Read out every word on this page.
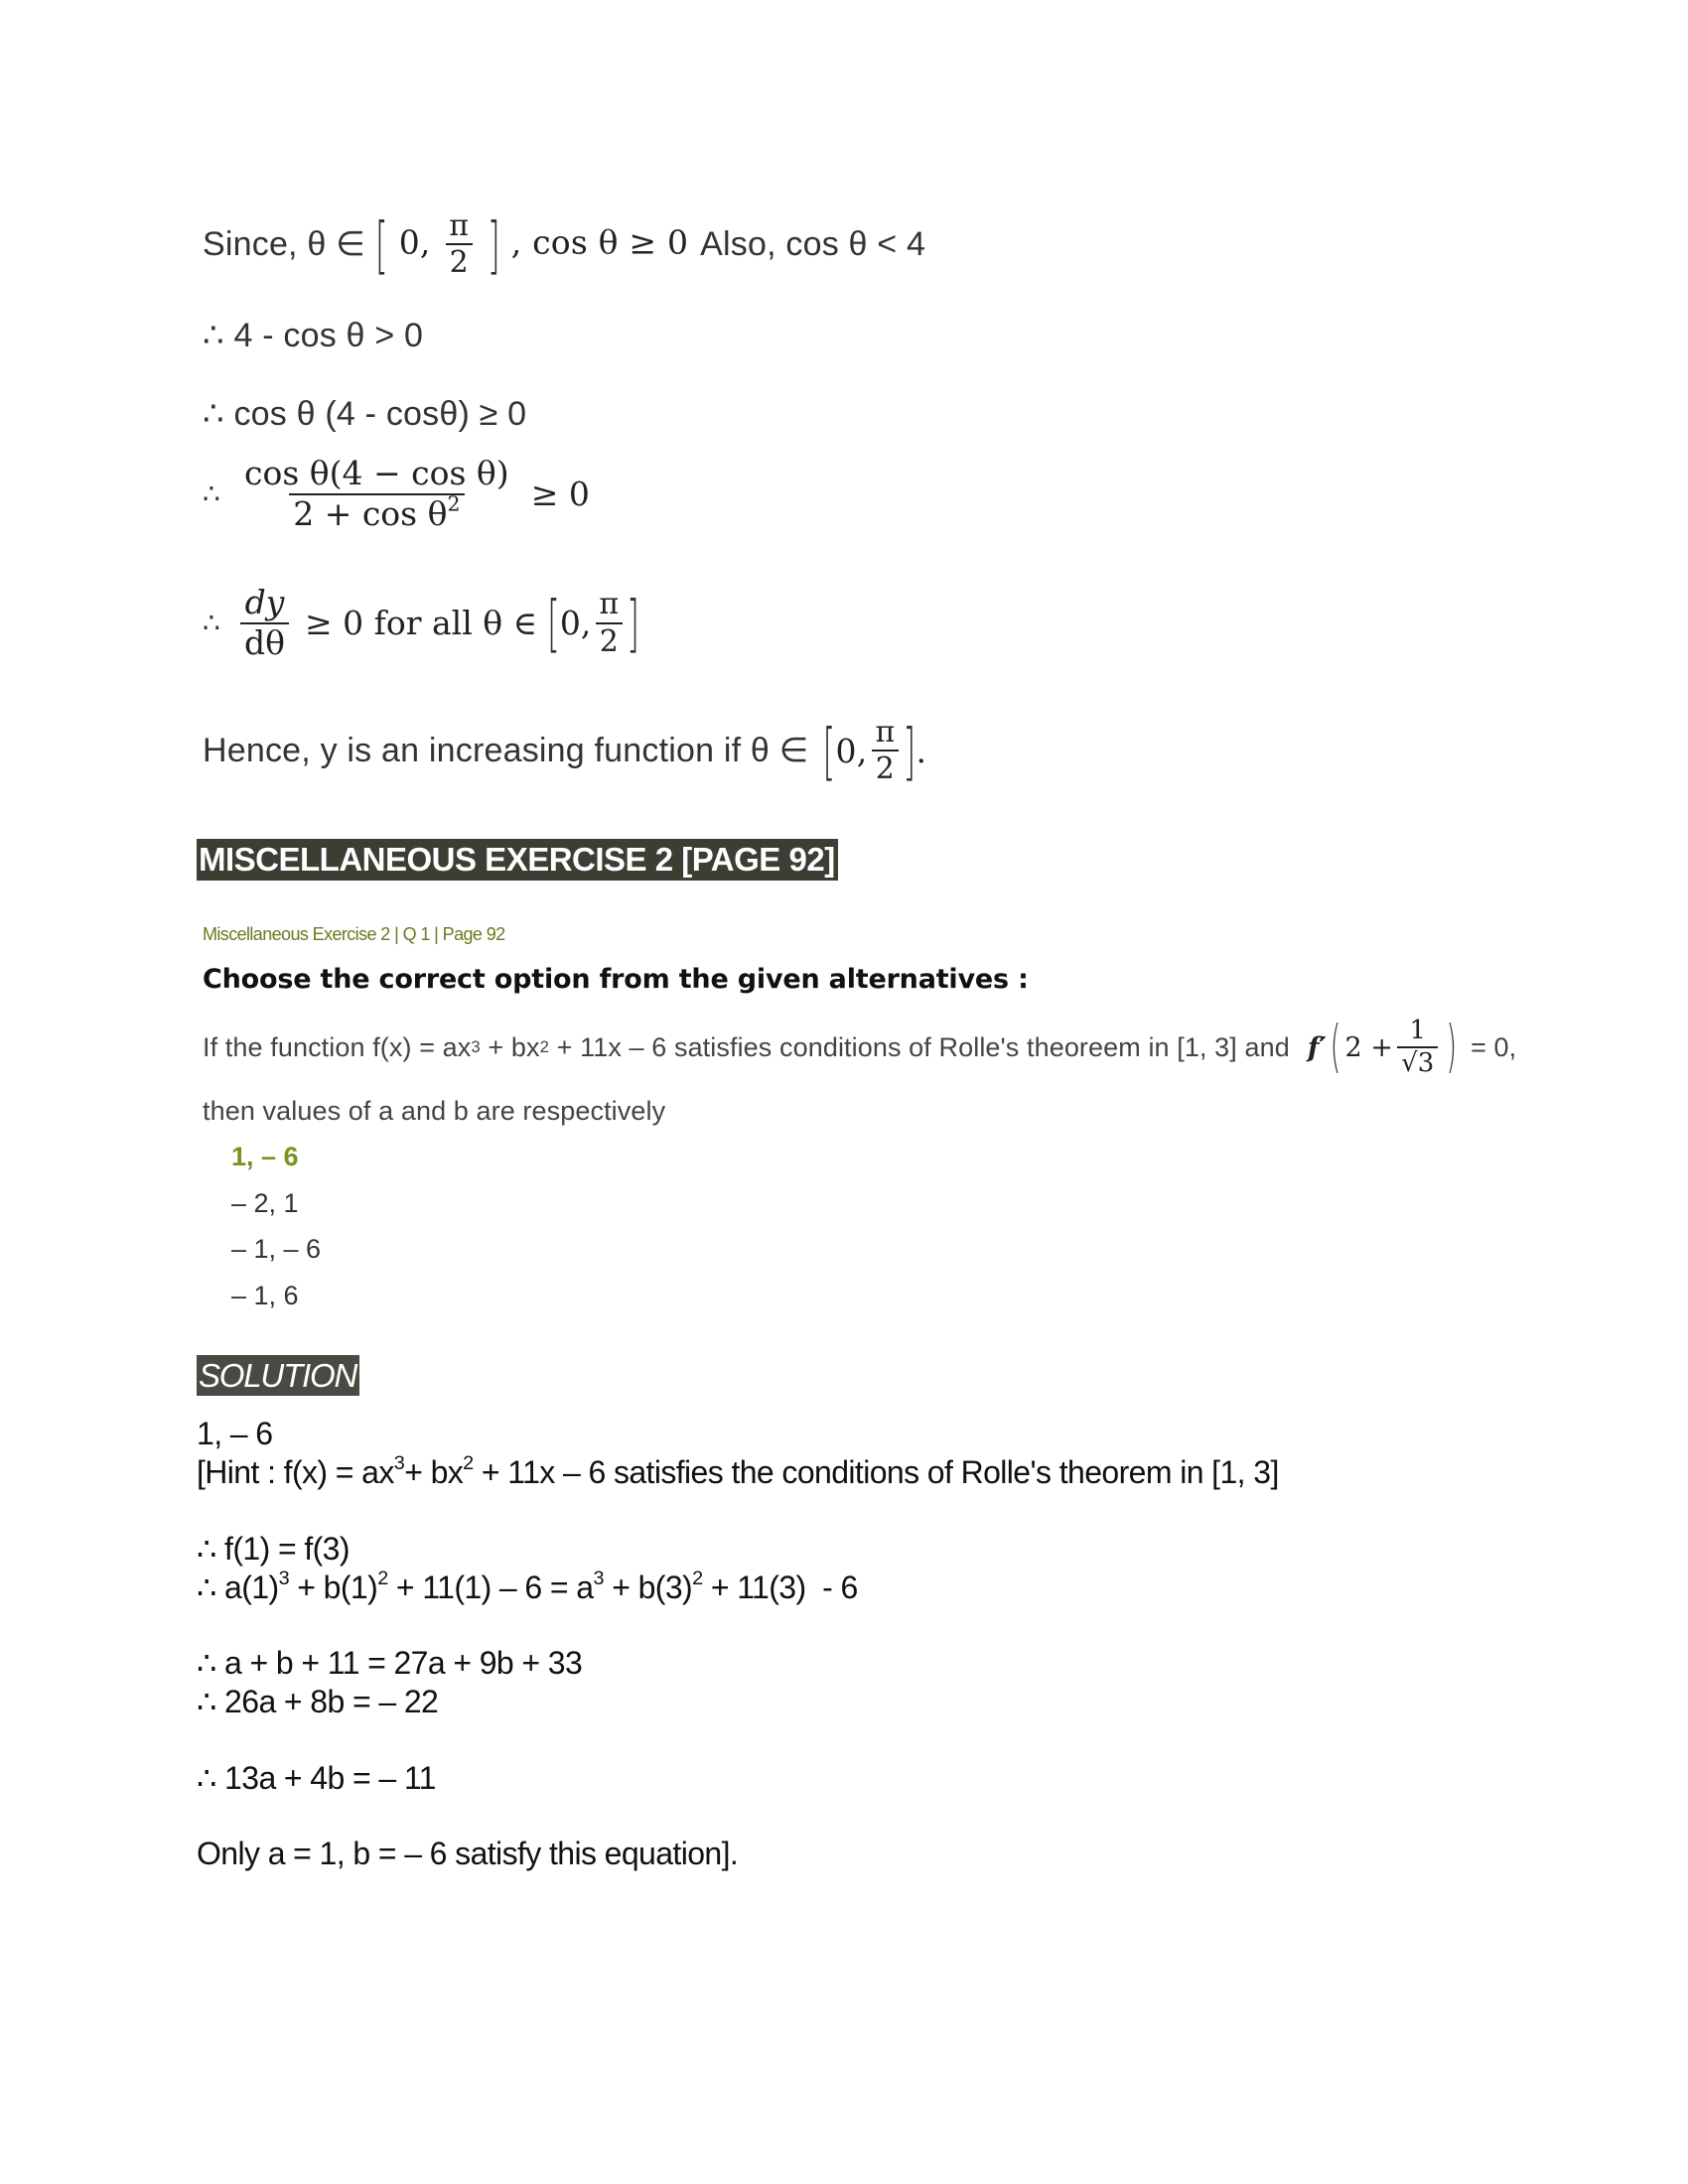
Since, θ ∈ [ 0, $\frac{\pi}{2}$ ] , cos θ ≥ 0 Also, cos θ < 4
∴ 4 - cos θ > 0
∴ cos θ (4 - cosθ) ≥ 0
∴ $\frac{\text{cos θ(4 − cos θ)}}{2 + \cos \theta^2} \ge 0$
∴ $\frac{dy}{d\theta} \ge 0$ for all θ ∈ [ 0, $\frac{\pi}{2}$ ]
Hence, y is an increasing function if θ ∈ [ 0, $\frac{\pi}{2}$ ] .
MISCELLANEOUS EXERCISE 2 [PAGE 92]
Miscellaneous Exercise 2 | Q 1 | Page 92
Choose the correct option from the given alternatives :
If the function f(x) = ax 3 + bx 2 + 11x – 6 satisfies conditions of Rolle's theoreem in [1, 3] and f′ ( $2 + \frac{1}{√3}$ ) = 0,
then values of a and b are respectively
1, – 6
– 2, 1
– 1, – 6
– 1, 6
SOLUTION
1, – 6
[Hint : $f(x) = ax^3+ bx^2 + 11x - 6$ satisfies the conditions of Rolle's theorem in [1, 3]
∴ f(1) = f(3)
∴ $a(1)^3 + b(1)^2 + 11(1) - 6 = a^3 + b(3)^2 + 11(3) - 6$
∴ a + b + 11 = 27a + 9b + 33
∴ 26a + 8b = – 22
∴ 13a + 4b = – 11
Only a = 1, b = – 6 satisfy this equation].
